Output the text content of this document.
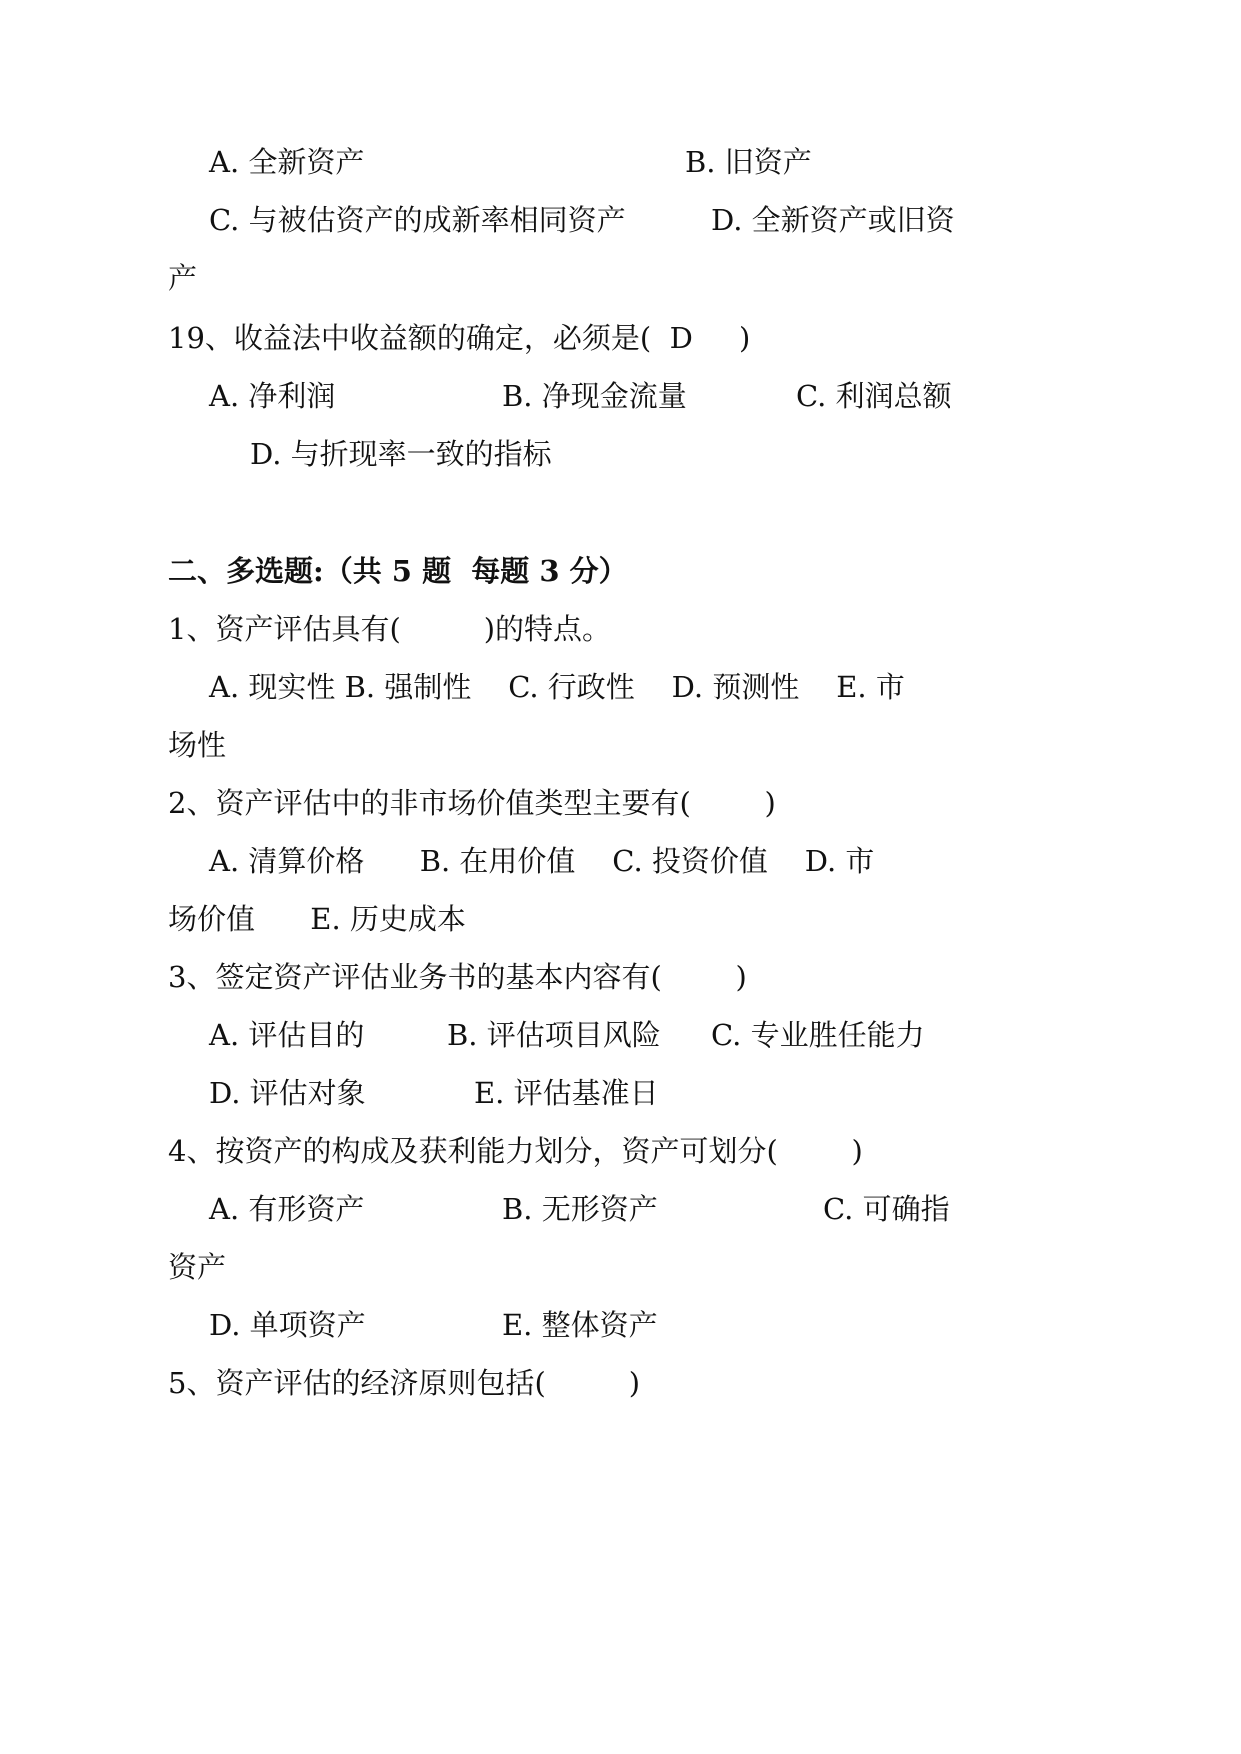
A. 全新资产	B. 旧资产
C. 与被估资产的成新率相同资产	D. 全新资产或旧资
产
19、收益法中收益额的确定，必须是(  D     )
A. 净利润	B. 净现金流量	C. 利润总额
D. 与折现率一致的指标
二、多选题:（共 5 题  每题 3 分）
1、资产评估具有(         )的特点。
A. 现实性 B. 强制性    C. 行政性    D. 预测性    E. 市
场性
2、资产评估中的非市场价值类型主要有(        )
A. 清算价格      B. 在用价值    C. 投资价值    D. 市
场价值      E. 历史成本
3、签定资产评估业务书的基本内容有(        )
A. 评估目的	B. 评估项目风险 C. 专业胜任能力
D. 评估对象	E. 评估基准日
4、按资产的构成及获利能力划分，资产可划分(        )
A. 有形资产	B. 无形资产	C. 可确指
资产
D. 单项资产	E. 整体资产
5、资产评估的经济原则包括(         )
